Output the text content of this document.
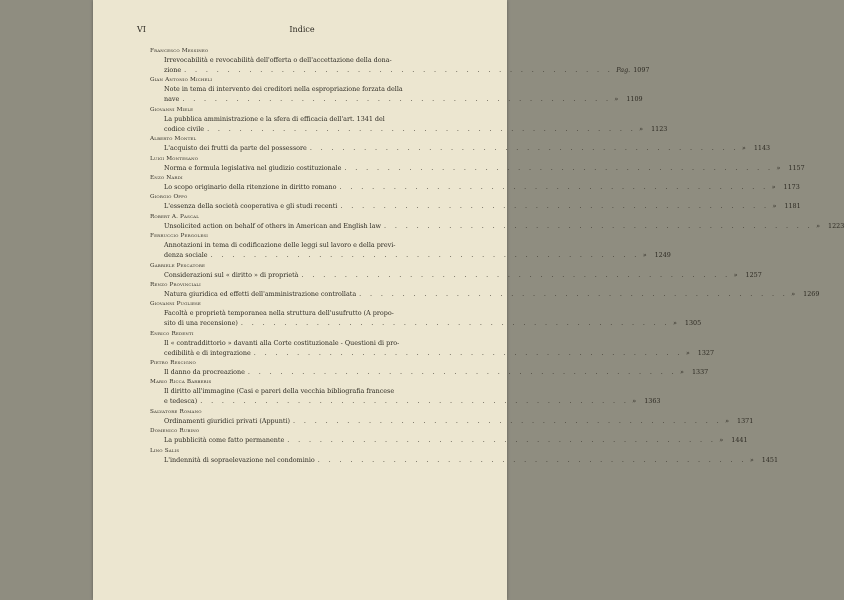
VI	Indice
Francesco Messineo
Irrevocabilità e revocabilità dell'offerta o dell'accettazione della dona-
zione . . . . . . . . . . . . . . . . . . . . . . . . . . . . . . . . . . . . . . . . Pag. 1097
Gian Antonio Micheli
Note in tema di intervento dei creditori nella espropriazione forzata della
nave . . . . . . . . . . . . . . . . . . . . . . . . . . . . . . . . . . . . . . . . » 1109
Giovanni Miele
La pubblica amministrazione e la sfera di efficacia dell'art. 1341 del
codice civile . . . . . . . . . . . . . . . . . . . . . . . . . . . . . . . . . . . . . . . . » 1123
Alberto Montel
L'acquisto dei frutti da parte del possessore . . . . . . . . . . . . . . . . . . . . . . . . . . . . . . . . . . . . . . . . » 1143
Luigi Montesano
Norma e formula legislativa nel giudizio costituzionale . . . . . . . . . . . . . . . . . . . . . . . . . . . . . . . . . . . . . . . . » 1157
Enzo Nardi
Lo scopo originario della ritenzione in diritto romano . . . . . . . . . . . . . . . . . . . . . . . . . . . . . . . . . . . . . . . . » 1173
Giorgio Oppo
L'essenza della società cooperativa e gli studi recenti . . . . . . . . . . . . . . . . . . . . . . . . . . . . . . . . . . . . . . . . » 1181
Robert A. Pascal
Unsolicited action on behalf of others in American and English law . . . . . . . . . . . . . . . . . . . . . . . . . . . . . . . . . . . . . . . . » 1223
Ferruccio Pergolesi
Annotazioni in tema di codificazione delle leggi sul lavoro e della previ-
denza sociale . . . . . . . . . . . . . . . . . . . . . . . . . . . . . . . . . . . . . . . . » 1249
Gabriele Pescatore
Considerazioni sul « diritto » di proprietà . . . . . . . . . . . . . . . . . . . . . . . . . . . . . . . . . . . . . . . . » 1257
Renzo Provinciali
Natura giuridica ed effetti dell'amministrazione controllata . . . . . . . . . . . . . . . . . . . . . . . . . . . . . . . . . . . . . . . . » 1269
Giovanni Pugliese
Facoltà e proprietà temporanea nella struttura dell'usufrutto (A propo-
sito di una recensione) . . . . . . . . . . . . . . . . . . . . . . . . . . . . . . . . . . . . . . . . » 1305
Enrico Redenti
Il « contraddittorio » davanti alla Corte costituzionale - Questioni di pro-
cedibilità e di integrazione . . . . . . . . . . . . . . . . . . . . . . . . . . . . . . . . . . . . . . . . » 1327
Pietro Rescigno
Il danno da procreazione . . . . . . . . . . . . . . . . . . . . . . . . . . . . . . . . . . . . . . . . » 1337
Mario Ricca Barberis
Il diritto all'immagine (Casi e pareri della vecchia bibliografia francese
e tedesca) . . . . . . . . . . . . . . . . . . . . . . . . . . . . . . . . . . . . . . . . » 1363
Salvatore Romano
Ordinamenti giuridici privati (Appunti) . . . . . . . . . . . . . . . . . . . . . . . . . . . . . . . . . . . . . . . . » 1371
Domenico Rubino
La pubblicità come fatto permanente . . . . . . . . . . . . . . . . . . . . . . . . . . . . . . . . . . . . . . . . » 1441
Lino Salis
L'indennità di sopraelevazione nel condominio . . . . . . . . . . . . . . . . . . . . . . . . . . . . . . . . . . . . . . . . » 1451
